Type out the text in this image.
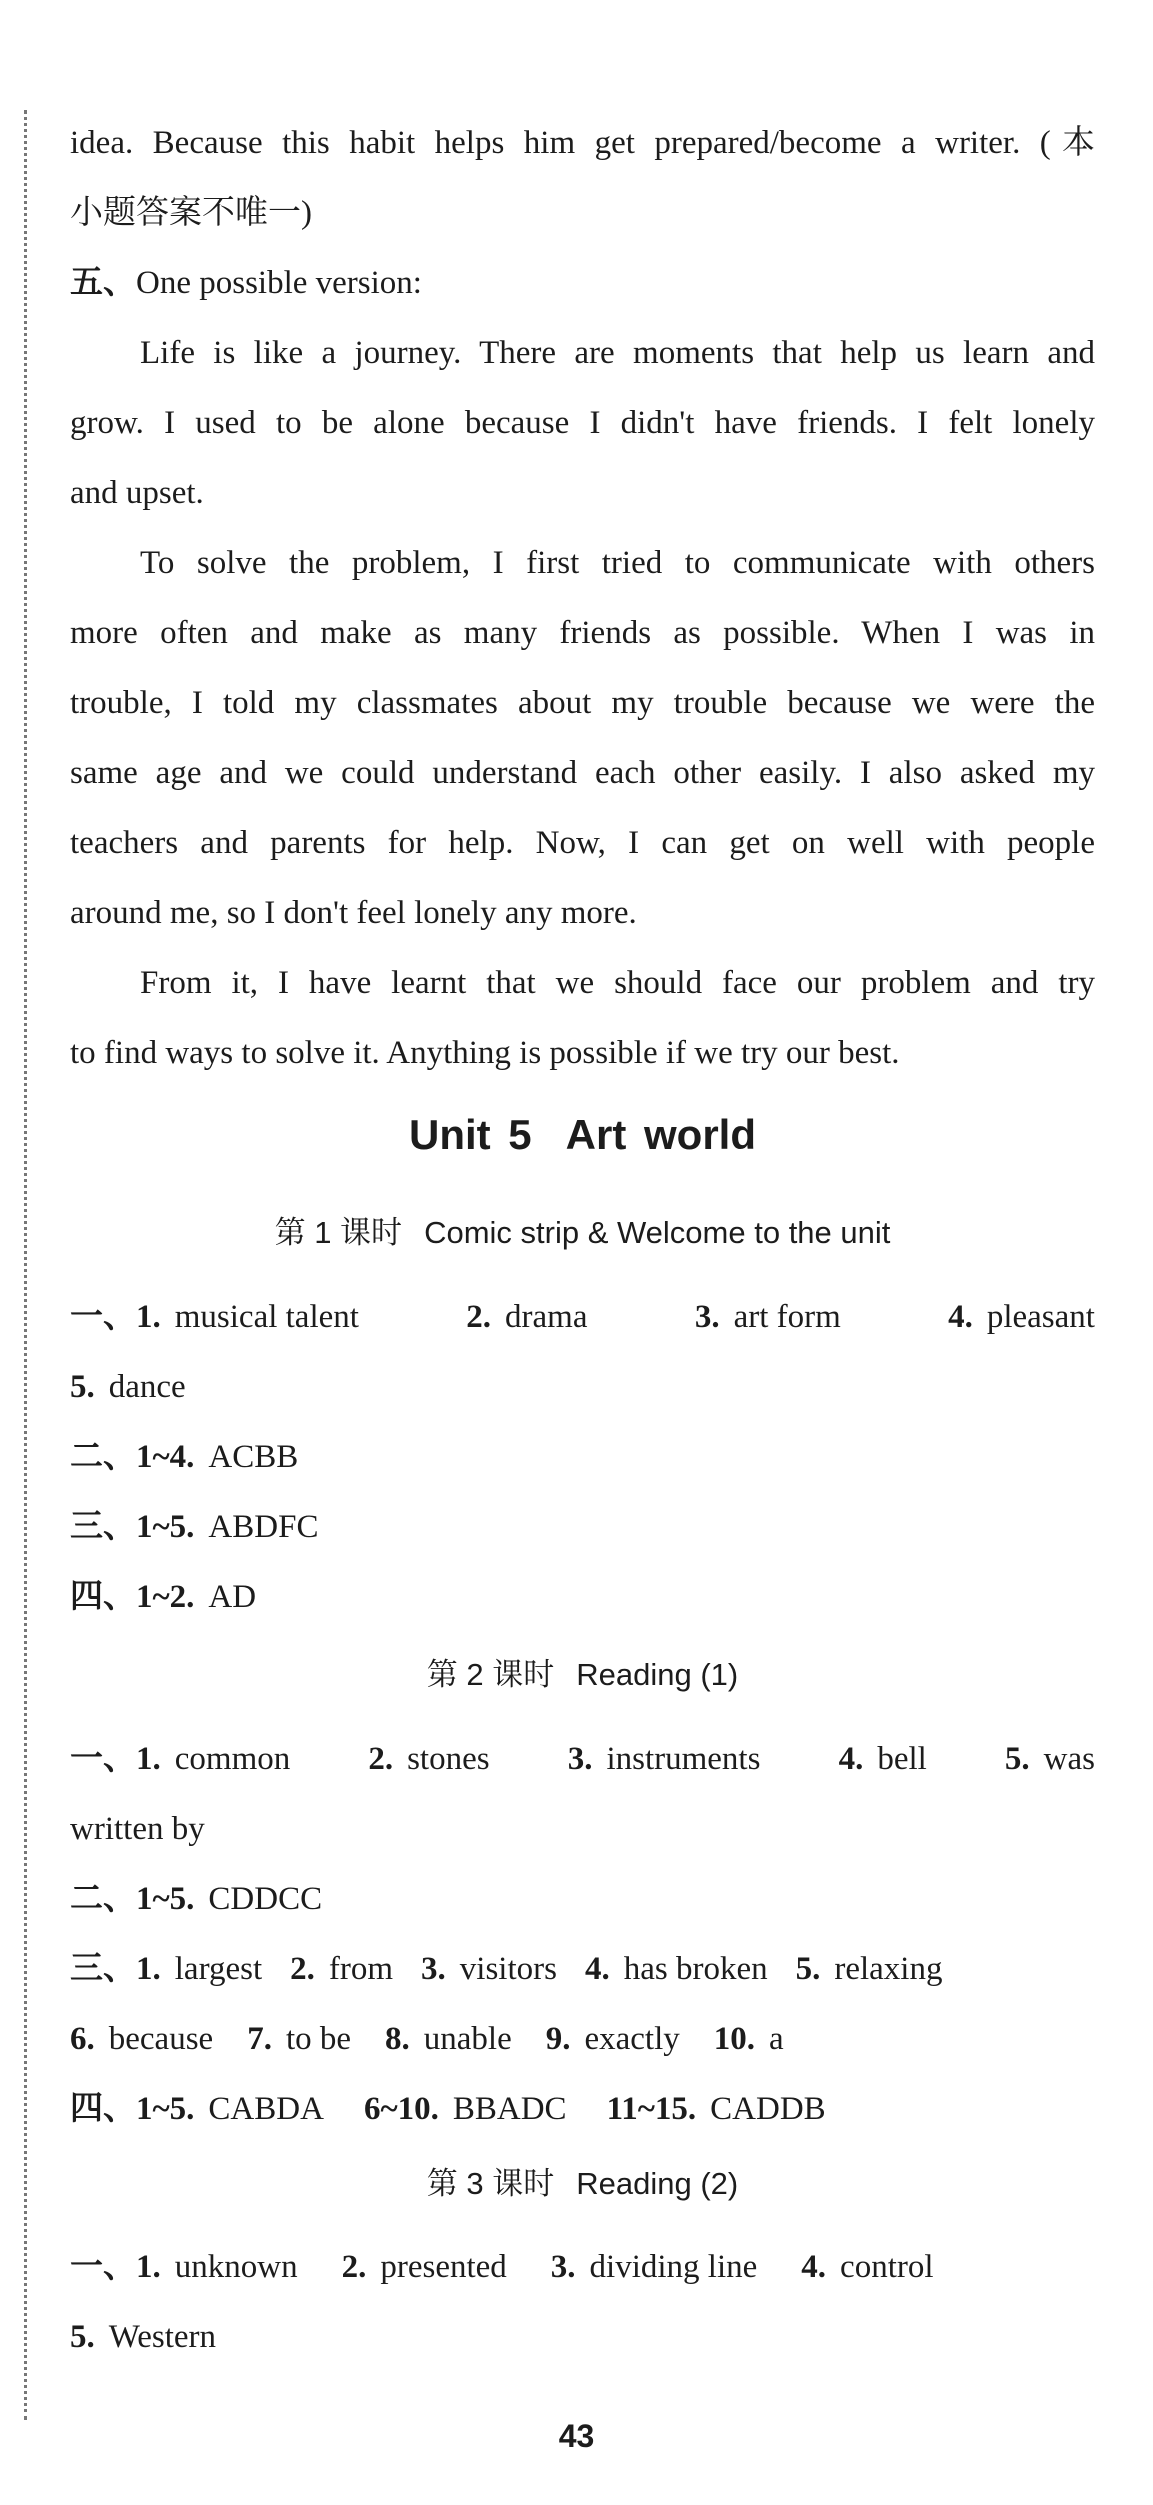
idea. Because this habit helps him get prepared/become a writer. (本
小题答案不唯一)
五、One possible version:
Life is like a journey. There are moments that help us learn and
grow. I used to be alone because I didn't have friends. I felt lonely
and upset.
To solve the problem, I first tried to communicate with others
more often and make as many friends as possible. When I was in
trouble, I told my classmates about my trouble because we were the
same age and we could understand each other easily. I also asked my
teachers and parents for help. Now, I can get on well with people
around me, so I don't feel lonely any more.
From it, I have learnt that we should face our problem and try
to find ways to solve it. Anything is possible if we try our best.
Unit 5 Art world
第 1 课时 Comic strip & Welcome to the unit
一、1. musical talent	2. drama	3. art form	4. pleasant
5. dance
二、1~4. ACBB
三、1~5. ABDFC
四、1~2. AD
第 2 课时 Reading (1)
一、1. common 2. stones 3. instruments 4. bell 5. was
written by
二、1~5. CDDCC
三、1. largest 2. from 3. visitors 4. has broken 5. relaxing
6. because 7. to be 8. unable 9. exactly 10. a
四、1~5. CABDA 6~10. BBADC 11~15. CADDB
第 3 课时 Reading (2)
一、1. unknown 2. presented 3. dividing line 4. control
5. Western
43
